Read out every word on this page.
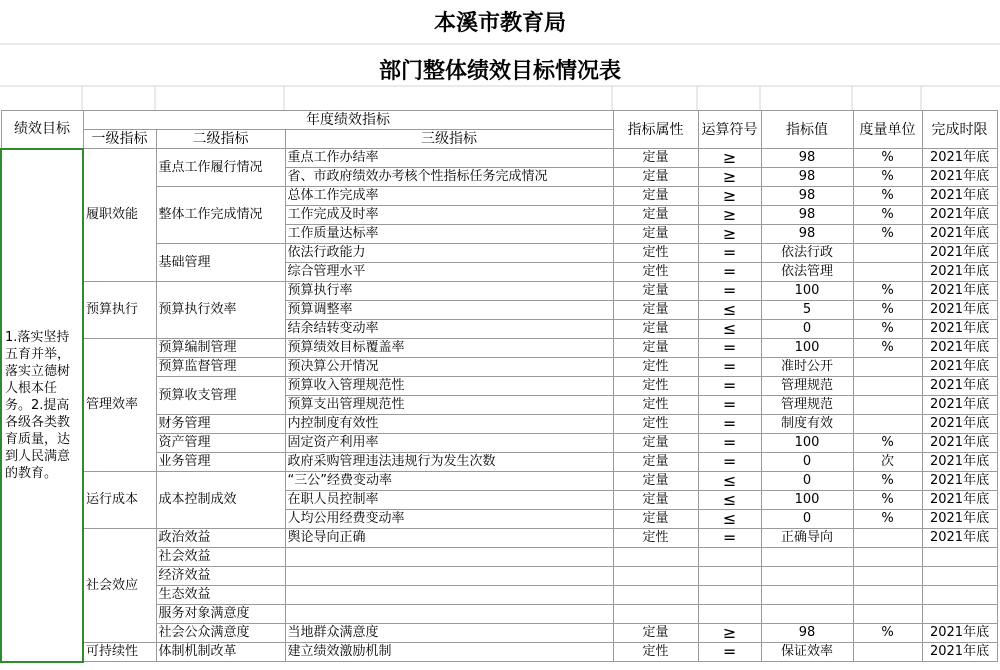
本溪市教育局
部门整体绩效目标情况表
绩效目标	年度绩效指标			指标属性	运算符号	指标值	度量单位	完成时限
	一级指标	二级指标	三级指标					
1.落实坚持五育并举，落实立德树人根本任务。2.提高各级各类教育质量，达到人民满意的教育。	履职效能	重点工作履行情况	重点工作办结率	定量	≥	98	%	2021年底
			省、市政府绩效办考核个性指标任务完成情况	定量	≥	98	%	2021年底
		整体工作完成情况	总体工作完成率	定量	≥	98	%	2021年底
			工作完成及时率	定量	≥	98	%	2021年底
			工作质量达标率	定量	≥	98	%	2021年底
		基础管理	依法行政能力	定性	=	依法行政		2021年底
			综合管理水平	定性	=	依法管理		2021年底
	预算执行	预算执行效率	预算执行率	定量	=	100	%	2021年底
			预算调整率	定量	≤	5	%	2021年底
			结余结转变动率	定量	≤	0	%	2021年底
	管理效率	预算编制管理	预算绩效目标覆盖率	定量	=	100	%	2021年底
		预算监督管理	预决算公开情况	定性	=	准时公开		2021年底
		预算收支管理	预算收入管理规范性	定性	=	管理规范		2021年底
			预算支出管理规范性	定性	=	管理规范		2021年底
		财务管理	内控制度有效性	定性	=	制度有效		2021年底
		资产管理	固定资产利用率	定量	=	100	%	2021年底
		业务管理	政府采购管理违法违规行为发生次数	定量	=	0	次	2021年底
	运行成本	成本控制成效	“三公”经费变动率	定量	≤	0	%	2021年底
			在职人员控制率	定量	≤	100	%	2021年底
			人均公用经费变动率	定量	≤	0	%	2021年底
	社会效应	政治效益	舆论导向正确	定性	=	正确导向		2021年底
		社会效益						
		经济效益						
		生态效益						
		服务对象满意度						
		社会公众满意度	当地群众满意度	定量	≥	98	%	2021年底
	可持续性	体制机制改革	建立绩效激励机制	定性	=	保证效率		2021年底
